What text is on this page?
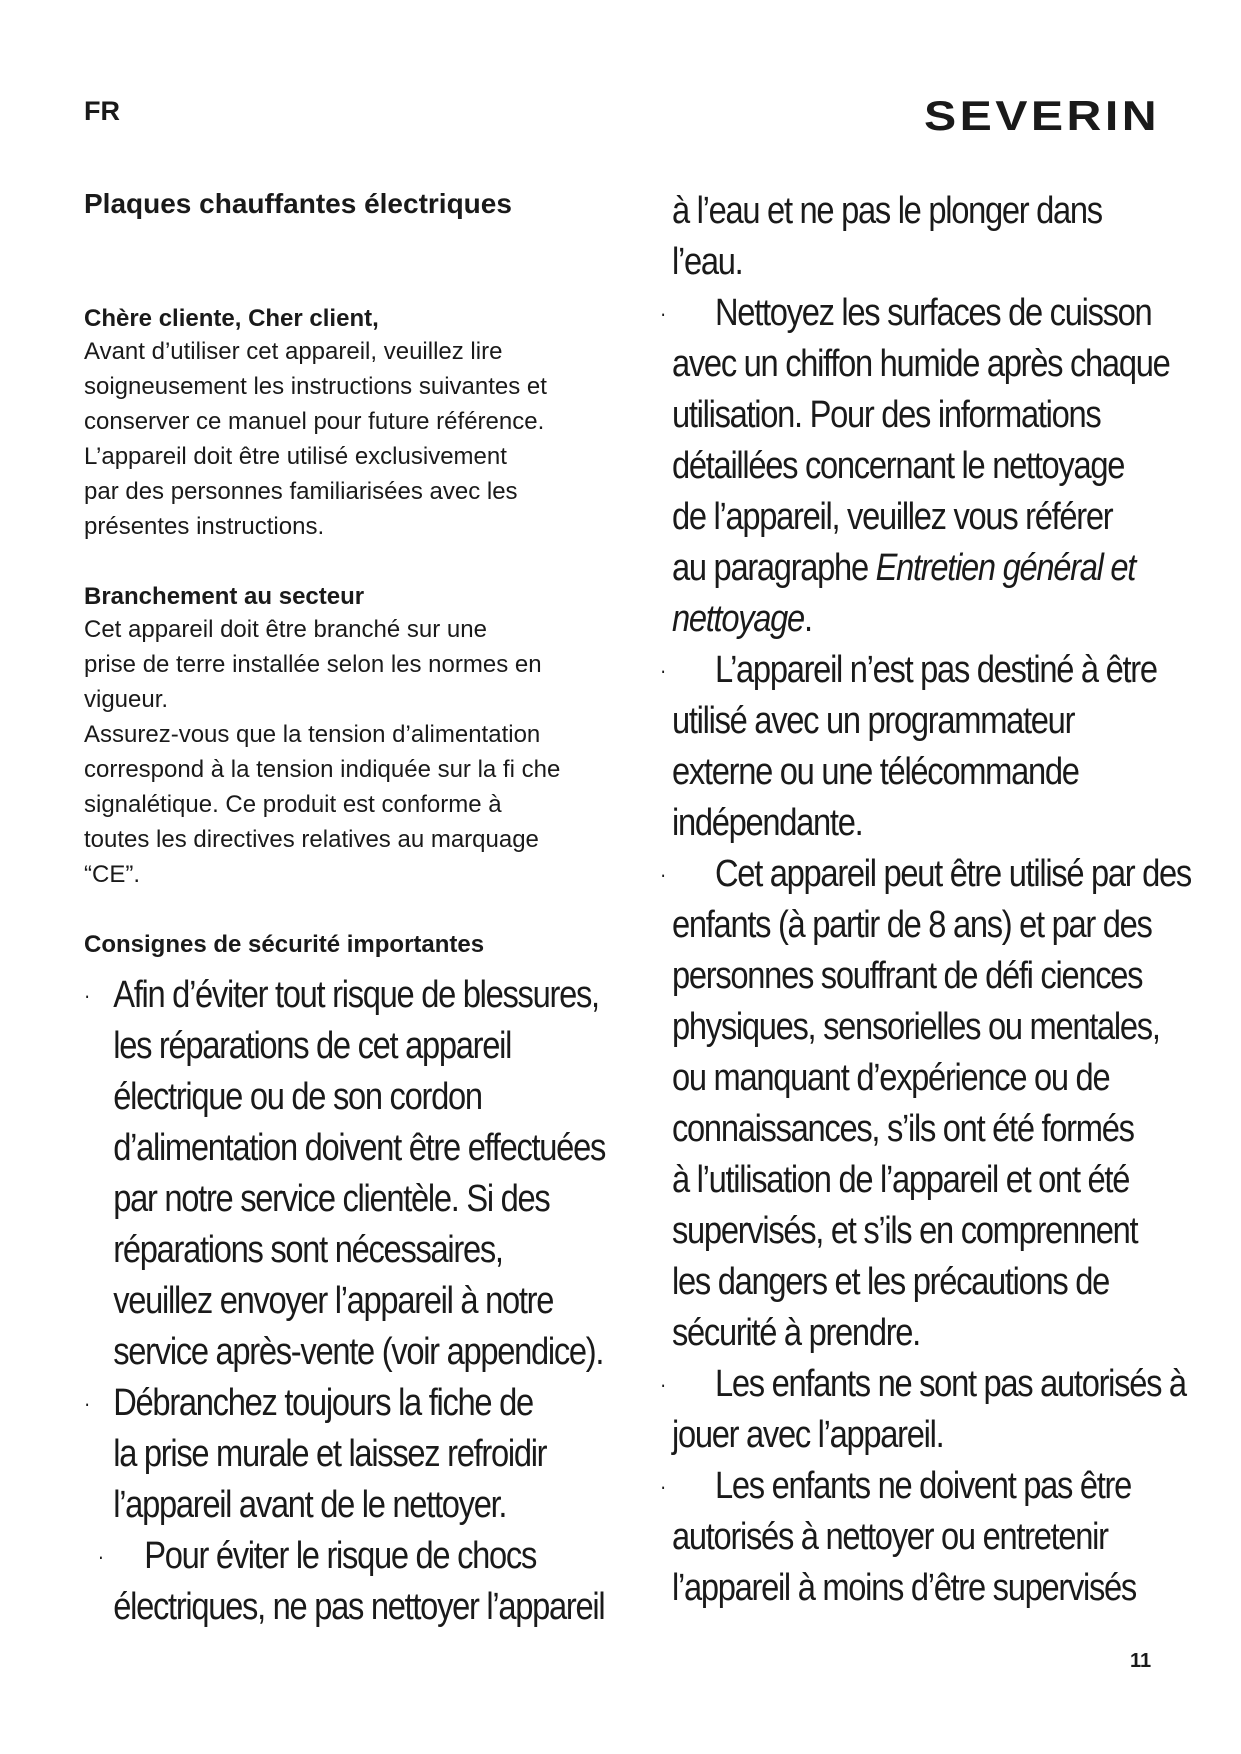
FR	SEVERIN

Plaques chauffantes électriques

Chère cliente, Cher client,

Avant d’utiliser cet appareil, veuillez lire

soigneusement les instructions suivantes et

conserver ce manuel pour future référence.

L’appareil doit être utilisé exclusivement

par des personnes familiarisées avec les

présentes instructions.

Branchement au secteur

Cet appareil doit être branché sur une

prise de terre installée selon les normes en

vigueur.

Assurez-vous que la tension d’alimentation

correspond à la tension indiquée sur la fi che

signalétique. Ce produit est conforme à

toutes les directives relatives au marquage

“CE”.

Consignes de sécurité importantes

· Afin d’éviter tout risque de blessures,
les réparations de cet appareil
électrique ou de son cordon
d’alimentation doivent être effectuées
par notre service clientèle. Si des
réparations sont nécessaires,
veuillez envoyer l’appareil à notre
service après-vente (voir appendice).
· Débranchez toujours la fiche de
la prise murale et laissez refroidir
l’appareil avant de le nettoyer.
·	Pour éviter le risque de chocs
électriques, ne pas nettoyer l’appareil
à l’eau et ne pas le plonger dans
l’eau.
·	Nettoyez les surfaces de cuisson
avec un chiffon humide après chaque
utilisation. Pour des informations
détaillées concernant le nettoyage
de l’appareil, veuillez vous référer
au paragraphe Entretien général et
nettoyage.
·	L’appareil n’est pas destiné à être
utilisé avec un programmateur
externe ou une télécommande
indépendante.
·	Cet appareil peut être utilisé par des
enfants (à partir de 8 ans) et par des
personnes souffrant de défi ciences
physiques, sensorielles ou mentales,
ou manquant d’expérience ou de
connaissances, s’ils ont été formés
à l’utilisation de l’appareil et ont été
supervisés, et s’ils en comprennent
les dangers et les précautions de
sécurité à prendre.
·	Les enfants ne sont pas autorisés à
jouer avec l’appareil.
·	Les enfants ne doivent pas être
autorisés à nettoyer ou entretenir
l’appareil à moins d’être supervisés
11
